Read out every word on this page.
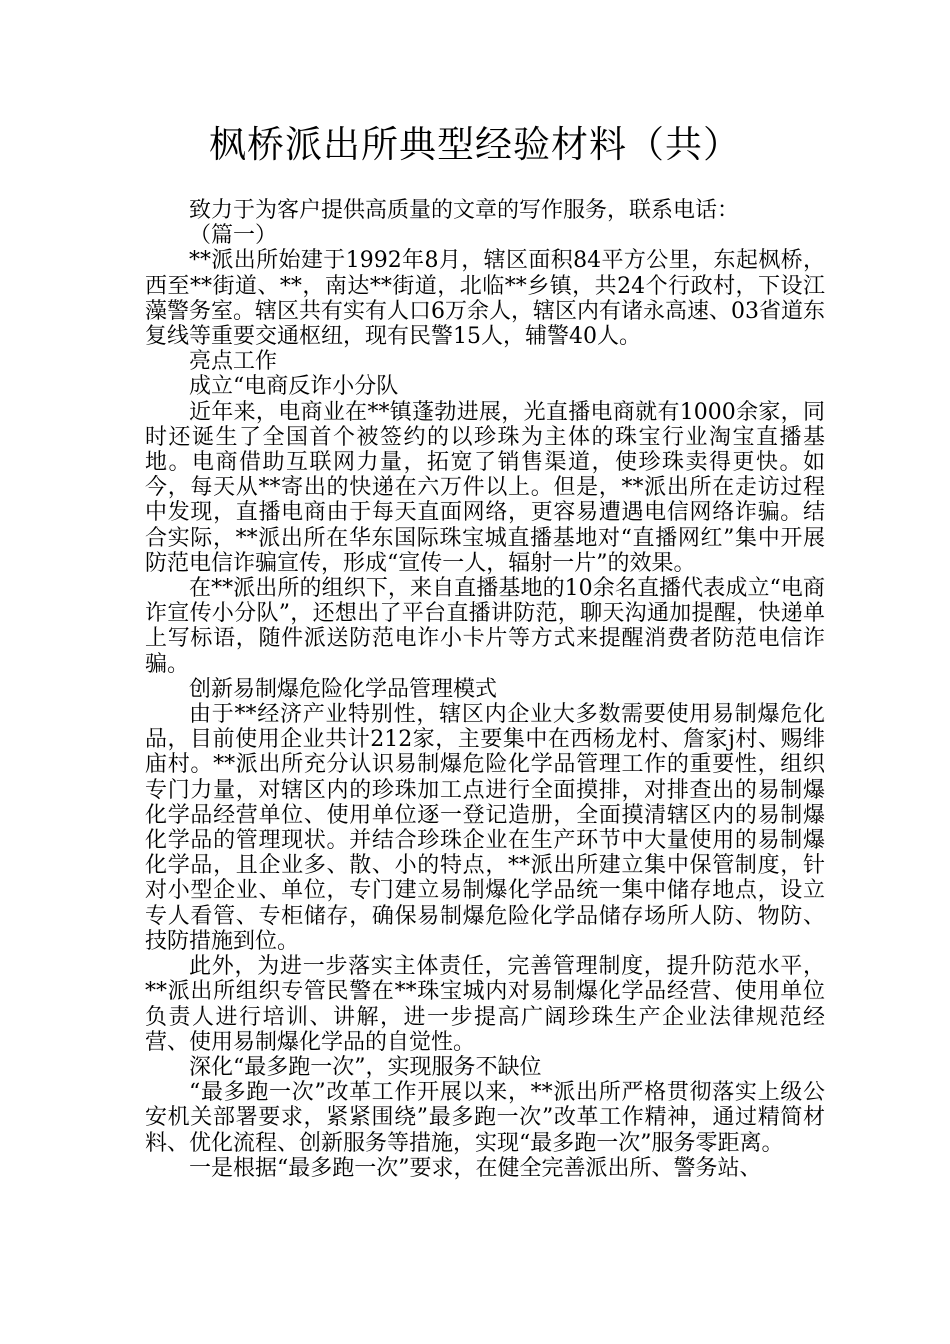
枫桥派出所典型经验材料（共）

致力于为客户提供高质量的文章的写作服务，联系电话：

（篇一）

**派出所始建于1992年8月，辖区面积84平方公里，东起枫桥，西至**街道、**，南达**街道，北临**乡镇，共24个行政村，下设江藻警务室。辖区共有实有人口6万余人，辖区内有诸永高速、03省道东复线等重要交通枢纽，现有民警15人，辅警40人。

亮点工作

成立“电商反诈小分队

近年来，电商业在**镇蓬勃进展，光直播电商就有1000余家，同时还诞生了全国首个被签约的以珍珠为主体的珠宝行业淘宝直播基地。电商借助互联网力量，拓宽了销售渠道，使珍珠卖得更快。如今，每天从**寄出的快递在六万件以上。但是，**派出所在走访过程中发现，直播电商由于每天直面网络，更容易遭遇电信网络诈骗。结合实际，**派出所在华东国际珠宝城直播基地对“直播网红”集中开展防范电信诈骗宣传，形成“宣传一人，辐射一片”的效果。

在**派出所的组织下，来自直播基地的10余名直播代表成立“电商诈宣传小分队”，还想出了平台直播讲防范，聊天沟通加提醒，快递单上写标语，随件派送防范电诈小卡片等方式来提醒消费者防范电信诈骗。

创新易制爆危险化学品管理模式

由于**经济产业特别性，辖区内企业大多数需要使用易制爆危化品，目前使用企业共计212家，主要集中在西杨龙村、詹家j村、赐绯庙村。**派出所充分认识易制爆危险化学品管理工作的重要性，组织专门力量，对辖区内的珍珠加工点进行全面摸排，对排查出的易制爆化学品经营单位、使用单位逐一登记造册，全面摸清辖区内的易制爆化学品的管理现状。并结合珍珠企业在生产环节中大量使用的易制爆化学品，且企业多、散、小的特点，**派出所建立集中保管制度，针对小型企业、单位，专门建立易制爆化学品统一集中储存地点，设立专人看管、专柜储存，确保易制爆危险化学品储存场所人防、物防、技防措施到位。

此外，为进一步落实主体责任，完善管理制度，提升防范水平，**派出所组织专管民警在**珠宝城内对易制爆化学品经营、使用单位负责人进行培训、讲解，进一步提高广阔珍珠生产企业法律规范经营、使用易制爆化学品的自觉性。

深化“最多跑一次”，实现服务不缺位

“最多跑一次”改革工作开展以来，**派出所严格贯彻落实上级公安机关部署要求，紧紧围绕”最多跑一次”改革工作精神，通过精简材料、优化流程、创新服务等措施，实现“最多跑一次”服务零距离。

一是根据“最多跑一次”要求，在健全完善派出所、警务站、
